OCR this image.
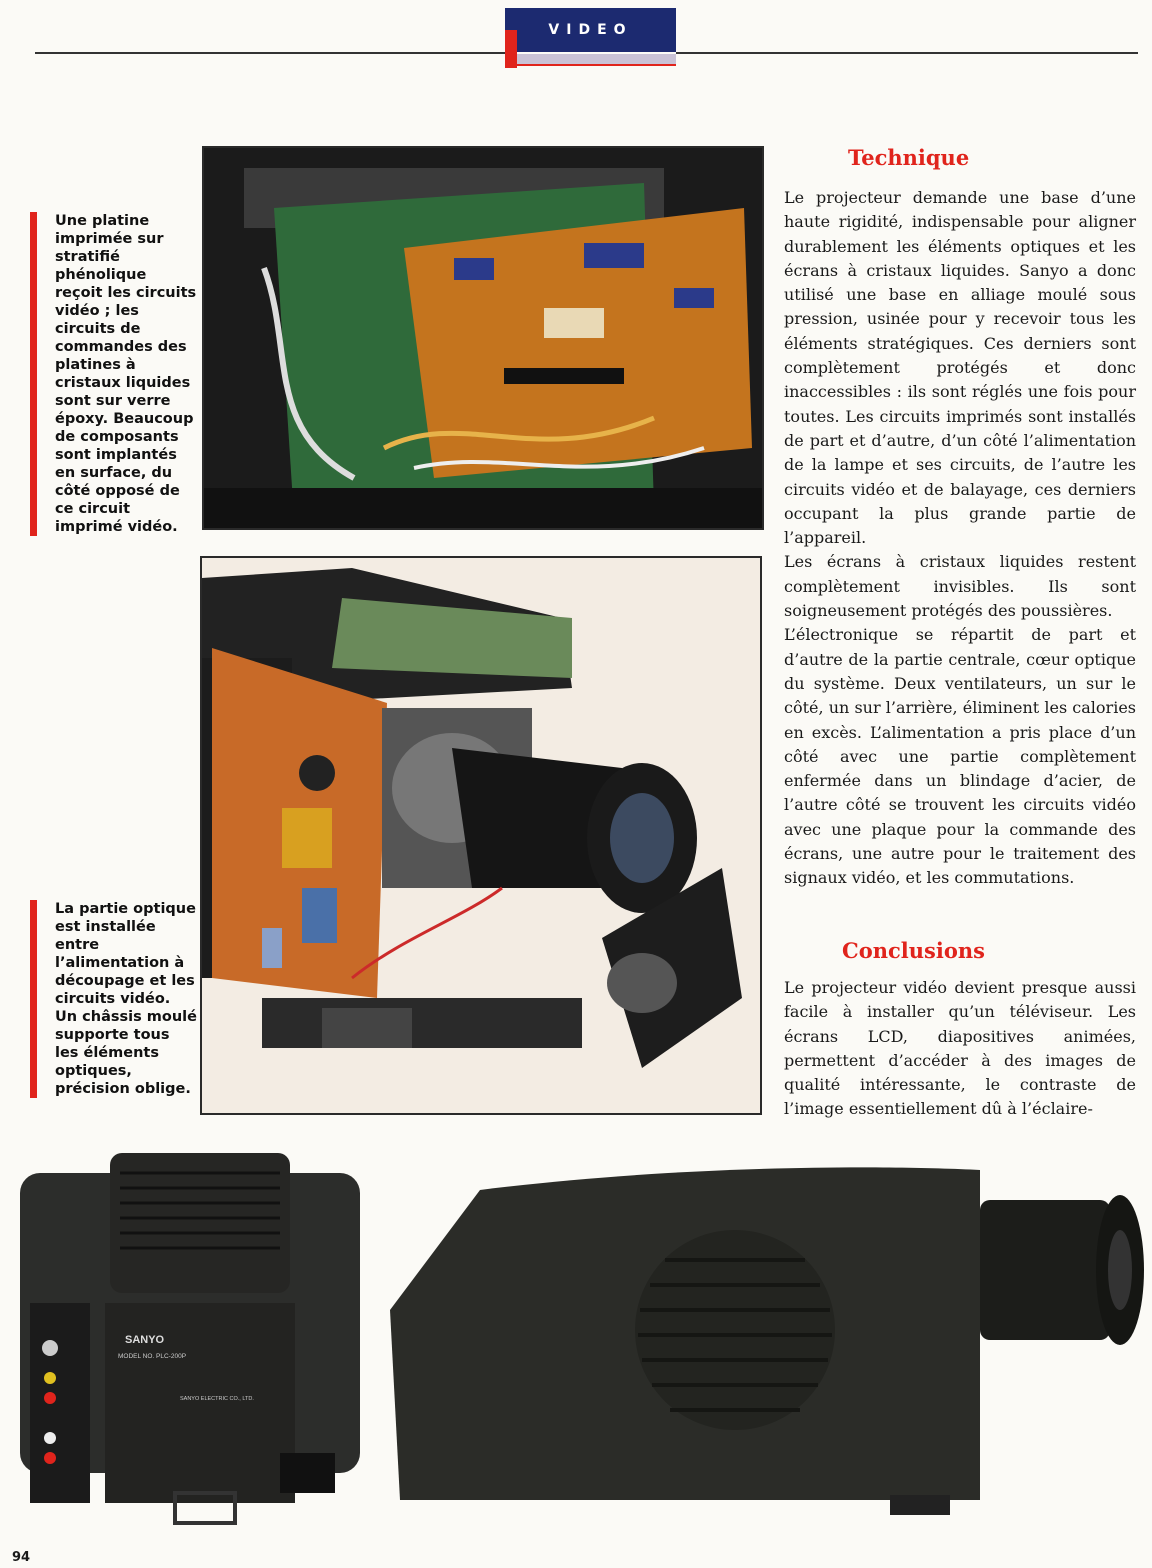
VIDEO
Une platine imprimée sur stratifié phénolique reçoit les circuits vidéo ; les circuits de commandes des platines à cristaux liquides sont sur verre époxy. Beaucoup de composants sont implantés en surface, du côté opposé de ce circuit imprimé vidéo.
La partie optique est installée entre l’alimentation à découpage et les circuits vidéo. Un châssis moulé supporte tous les éléments optiques, précision oblige.
Technique

Le projecteur demande une base d’une haute rigidité, indispensable pour aligner durablement les éléments optiques et les écrans à cristaux liquides. Sanyo a donc utilisé une base en alliage moulé sous pression, usinée pour y recevoir tous les éléments stratégiques. Ces derniers sont complètement protégés et donc inaccessibles : ils sont réglés une fois pour toutes. Les circuits imprimés sont installés de part et d’autre, d’un côté l’alimentation de la lampe et ses circuits, de l’autre les circuits vidéo et de balayage, ces derniers occupant la plus grande partie de l’appareil.

Les écrans à cristaux liquides restent complètement invisibles. Ils sont soigneusement protégés des poussières.

L’électronique se répartit de part et d’autre de la partie centrale, cœur optique du système. Deux ventilateurs, un sur le côté, un sur l’arrière, éliminent les calories en excès. L’alimentation a pris place d’un côté avec une partie complètement enfermée dans un blindage d’acier, de l’autre côté se trouvent les circuits vidéo avec une plaque pour la commande des écrans, une autre pour le traitement des signaux vidéo, et les commutations.

Conclusions

Le projecteur vidéo devient presque aussi facile à installer qu’un téléviseur. Les écrans LCD, diapositives animées, permettent d’accéder à des images de qualité intéressante, le contraste de l’image essentiellement dû à l’éclaire-

SANYO
MODEL NO. PLC-200P
SANYO ELECTRIC CO., LTD.
94
